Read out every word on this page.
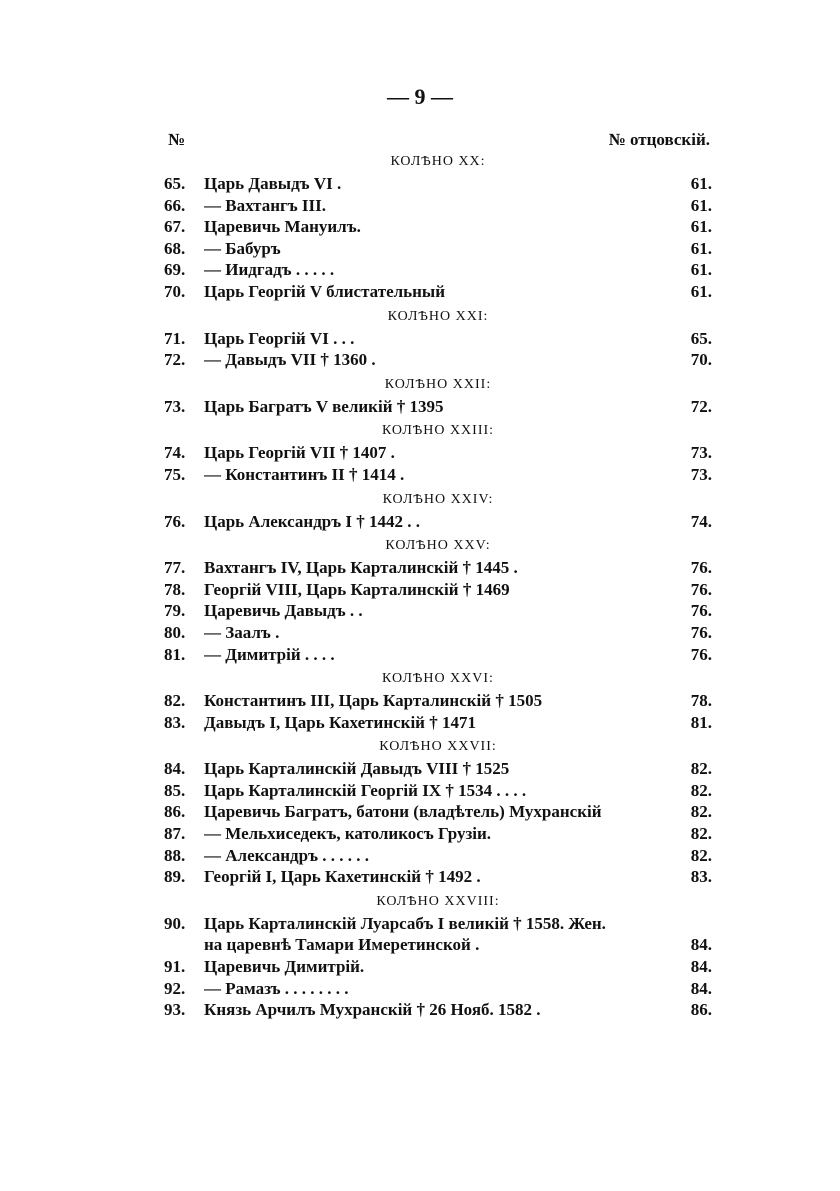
— 9 —
№	№ отцовскій.
КОЛѢНО XX:
65.	Царь Давыдъ VI .	61.
66.	— Вахтангъ III.	61.
67.	Царевичь Мануилъ.	61.
68.	— Бабуръ	61.
69.	— Иидгадъ . . . . .	61.
70.	Царь Георгій V блистательный	61.
КОЛѢНО XXI:
71.	Царь Георгій VI . . .	65.
72.	— Давыдъ VII † 1360 .	70.
КОЛѢНО XXII:
73.	Царь Багратъ V великій † 1395	72.
КОЛѢНО XXIII:
74.	Царь Георгій VII † 1407 .	73.
75.	— Константинъ II † 1414 .	73.
КОЛѢНО XXIV:
76.	Царь Александръ I † 1442 . .	74.
КОЛѢНО XXV:
77.	Вахтангъ IV, Царь Карталинскій † 1445 .	76.
78.	Георгій VIII, Царь Карталинскій † 1469	76.
79.	Царевичь Давыдъ . .	76.
80.	— Заалъ .	76.
81.	— Димитрій . . . .	76.
КОЛѢНО XXVI:
82.	Константинъ III, Царь Карталинскій † 1505	78.
83.	Давыдъ I, Царь Кахетинскій † 1471	81.
КОЛѢНО XXVII:
84.	Царь Карталинскій Давыдъ VIII † 1525	82.
85.	Царь Карталинскій Георгій IX † 1534 . . . .	82.
86.	Царевичь Багратъ, батони (владѣтель) Мухранскій	82.
87.	— Мельхиседекъ, католикосъ Грузіи.	82.
88.	— Александръ . . . . . .	82.
89.	Георгій I, Царь Кахетинскій † 1492 .	83.
КОЛѢНО XXVIII:
90.	Царь Карталинскій Луарсабъ I великій † 1558. Жен.
на царевнѣ Тамари Имеретинской .	84.
91.	Царевичь Димитрій.	84.
92.	— Рамазъ . . . . . . . .	84.
93.	Князь Арчилъ Мухранскій † 26 Нояб. 1582 .	86.
